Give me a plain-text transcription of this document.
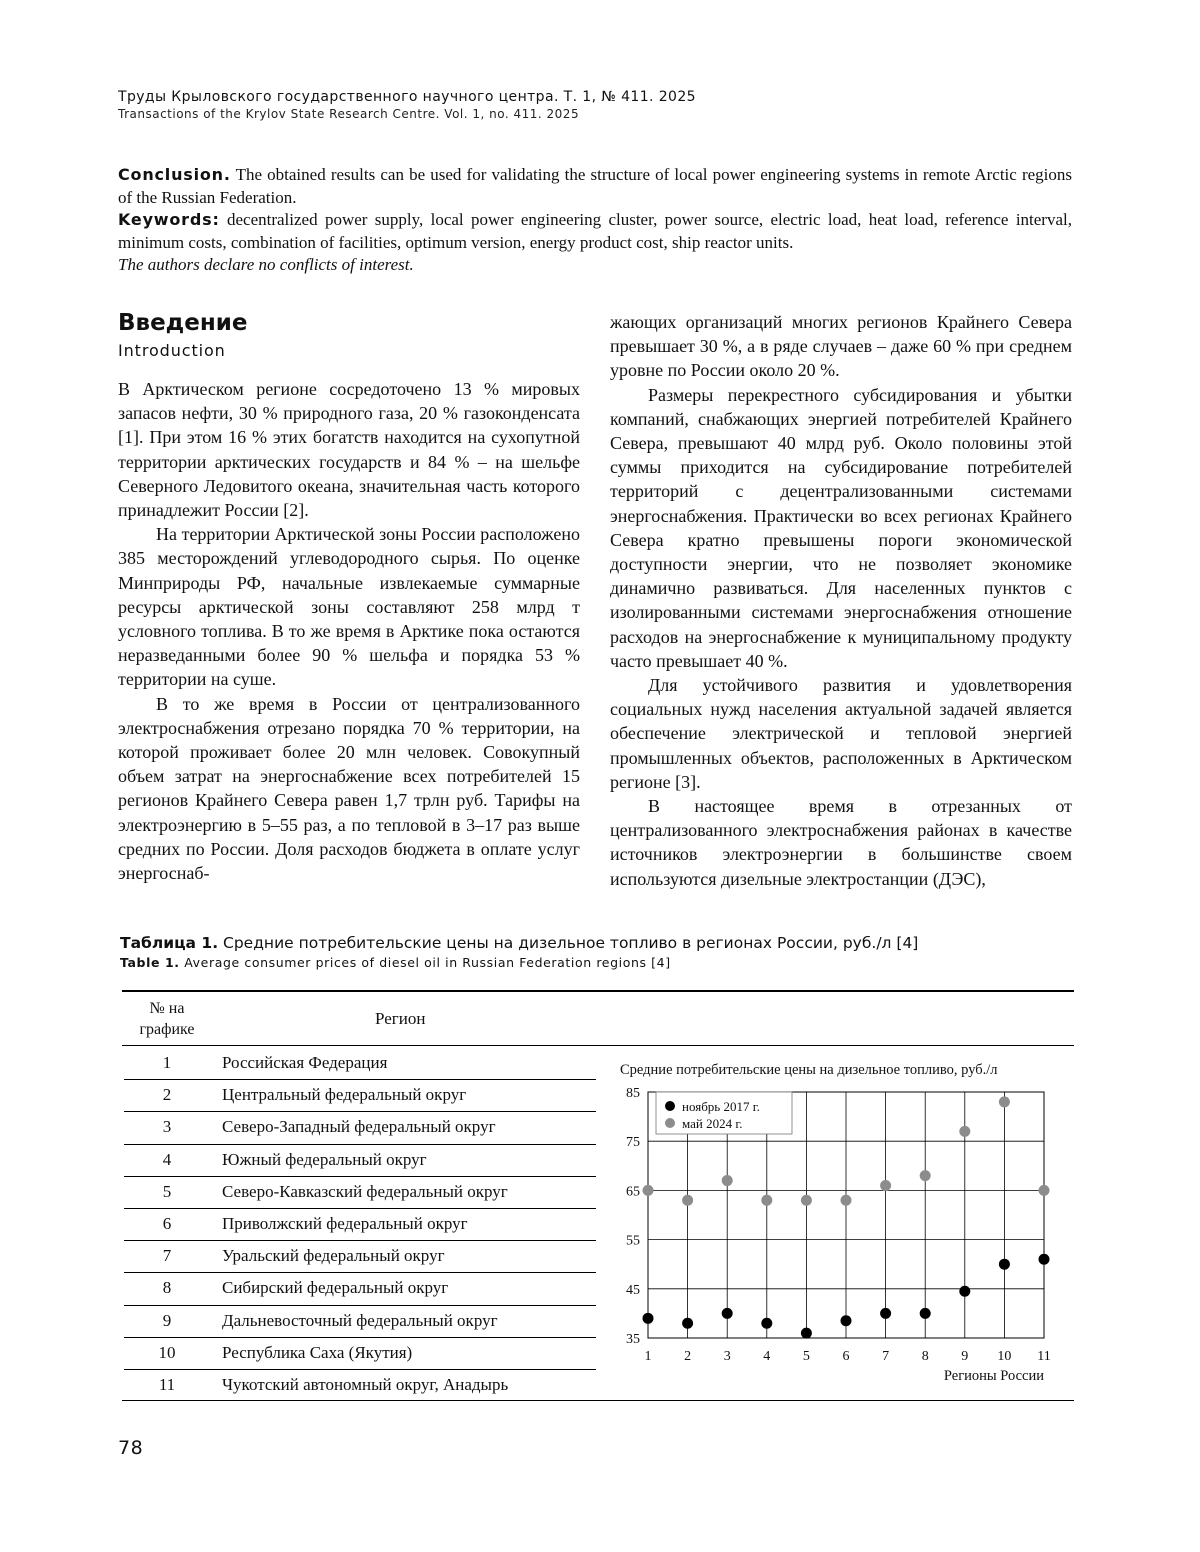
Труды Крыловского государственного научного центра. Т. 1, № 411. 2025
Transactions of the Krylov State Research Centre. Vol. 1, no. 411. 2025

Conclusion. The obtained results can be used for validating the structure of local power engineering systems in remote Arctic regions of the Russian Federation.

Keywords: decentralized power supply, local power engineering cluster, power source, electric load, heat load, reference interval, minimum costs, combination of facilities, optimum version, energy product cost, ship reactor units.

The authors declare no conflicts of interest.

Введение
Introduction

В Арктическом регионе сосредоточено 13 % мировых запасов нефти, 30 % природного газа, 20 % газоконденсата [1]. При этом 16 % этих богатств находится на сухопутной территории арктических государств и 84 % – на шельфе Северного Ледовитого океана, значительная часть которого принадлежит России [2].

На территории Арктической зоны России расположено 385 месторождений углеводородного сырья. По оценке Минприроды РФ, начальные извлекаемые суммарные ресурсы арктической зоны составляют 258 млрд т условного топлива. В то же время в Арктике пока остаются неразведанными более 90 % шельфа и порядка 53 % территории на суше.

В то же время в России от централизованного электроснабжения отрезано порядка 70 % территории, на которой проживает более 20 млн человек. Совокупный объем затрат на энергоснабжение всех потребителей 15 регионов Крайнего Севера равен 1,7 трлн руб. Тарифы на электроэнергию в 5–55 раз, а по тепловой в 3–17 раз выше средних по России. Доля расходов бюджета в оплате услуг энергоснаб-

жающих организаций многих регионов Крайнего Севера превышает 30 %, а в ряде случаев – даже 60 % при среднем уровне по России около 20 %.

Размеры перекрестного субсидирования и убытки компаний, снабжающих энергией потребителей Крайнего Севера, превышают 40 млрд руб. Около половины этой суммы приходится на субсидирование потребителей территорий с децентрализованными системами энергоснабжения. Практически во всех регионах Крайнего Севера кратно превышены пороги экономической доступности энергии, что не позволяет экономике динамично развиваться. Для населенных пунктов с изолированными системами энергоснабжения отношение расходов на энергоснабжение к муниципальному продукту часто превышает 40 %.

Для устойчивого развития и удовлетворения социальных нужд населения актуальной задачей является обеспечение электрической и тепловой энергией промышленных объектов, расположенных в Арктическом регионе [3].

В настоящее время в отрезанных от централизованного электроснабжения районах в качестве источников электроэнергии в большинстве своем используются дизельные электростанции (ДЭС),

Таблица 1. Средние потребительские цены на дизельное топливо в регионах России, руб./л [4]
Table 1. Average consumer prices of diesel oil in Russian Federation regions [4]
№ на графике
Регион
1	Российская Федерация
2	Центральный федеральный округ
3	Северо-Западный федеральный округ
4	Южный федеральный округ
5	Северо-Кавказский федеральный округ
6	Приволжский федеральный округ
7	Уральский федеральный округ
8	Сибирский федеральный округ
9	Дальневосточный федеральный округ
10	Республика Саха (Якутия)
11	Чукотский автономный округ, Анадырь
Средние потребительские цены на дизельное топливо, руб./л
35
45
55
65
75
85
1 2 3 4 5 6 7 8 9 10 11
Регионы России
ноябрь 2017 г.
май 2024 г.
78
